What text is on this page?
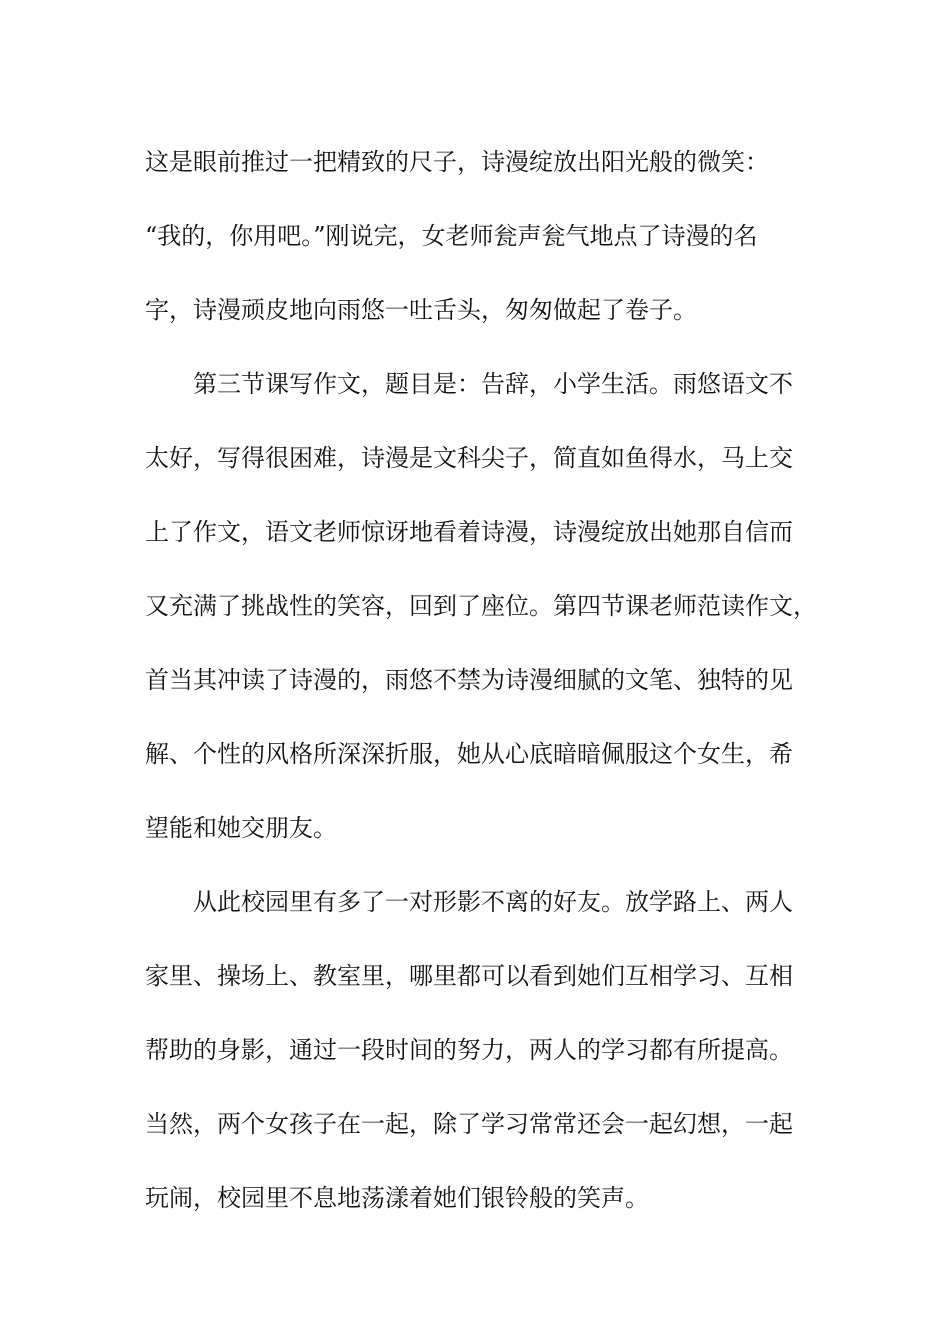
这是眼前推过一把精致的尺子，诗漫绽放出阳光般的微笑：
“我的，你用吧。”刚说完，女老师瓮声瓮气地点了诗漫的名
字，诗漫顽皮地向雨悠一吐舌头，匆匆做起了卷子。
第三节课写作文，题目是：告辞，小学生活。雨悠语文不
太好，写得很困难，诗漫是文科尖子，简直如鱼得水，马上交
上了作文，语文老师惊讶地看着诗漫，诗漫绽放出她那自信而
又充满了挑战性的笑容，回到了座位。第四节课老师范读作文，
首当其冲读了诗漫的，雨悠不禁为诗漫细腻的文笔、独特的见
解、个性的风格所深深折服，她从心底暗暗佩服这个女生，希
望能和她交朋友。
从此校园里有多了一对形影不离的好友。放学路上、两人
家里、操场上、教室里，哪里都可以看到她们互相学习、互相
帮助的身影，通过一段时间的努力，两人的学习都有所提高。
当然，两个女孩子在一起，除了学习常常还会一起幻想，一起
玩闹，校园里不息地荡漾着她们银铃般的笑声。
